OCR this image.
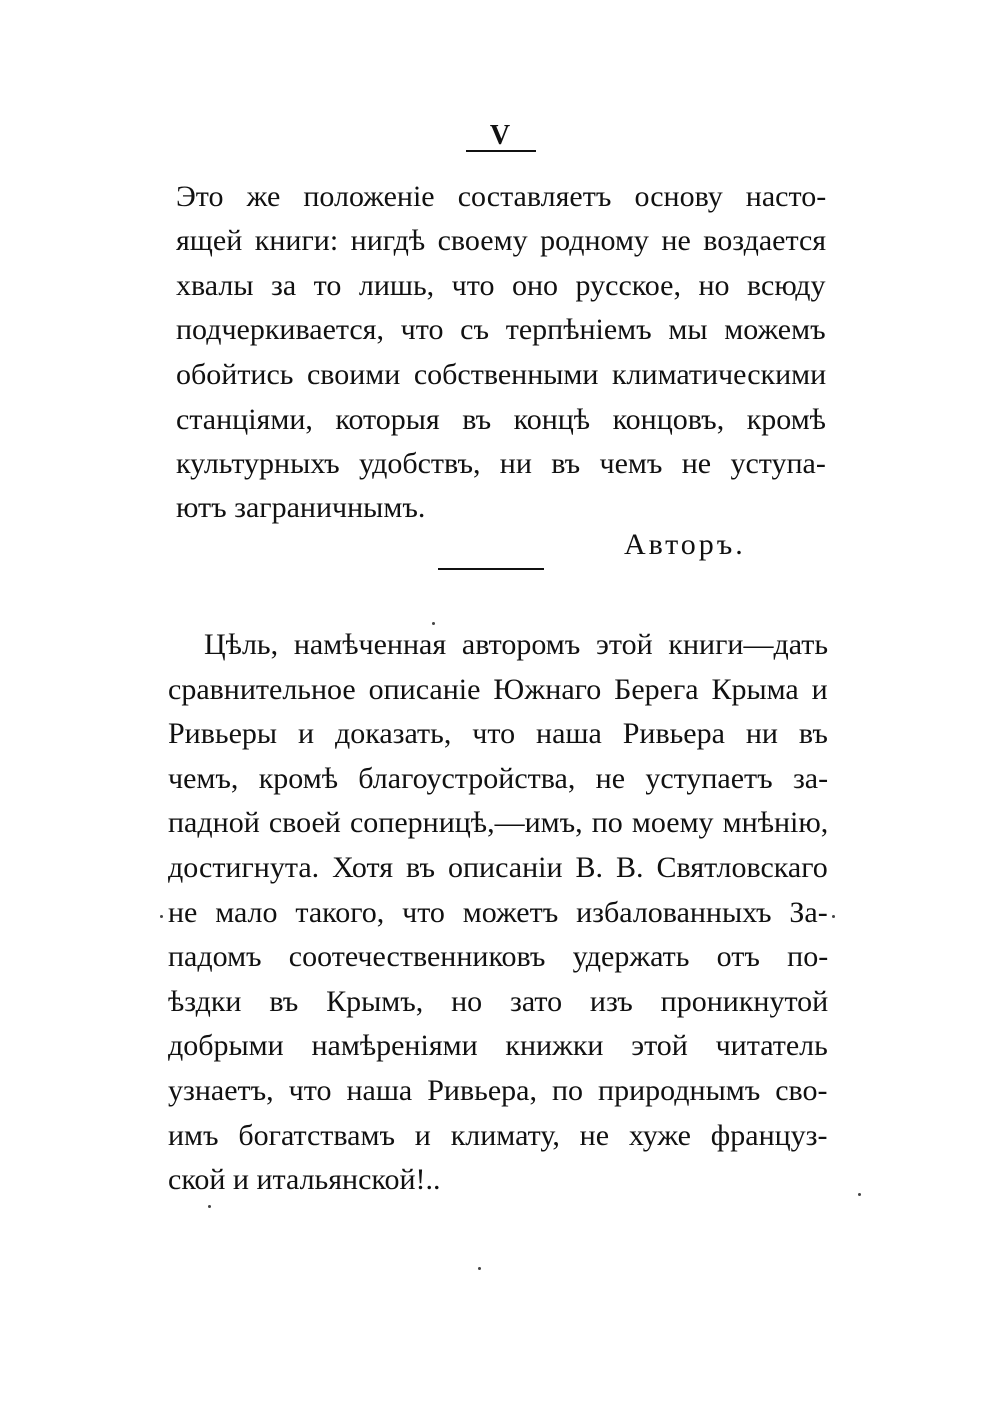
V
Это же положеніе составляетъ основу насто-
ящей книги: нигдѣ своему родному не воздается
хвалы за то лишь, что оно русское, но всюду
подчеркивается, что съ терпѣніемъ мы можемъ
обойтись своими собственными климатическими
станціями, которыя въ концѣ концовъ, кромѣ
культурныхъ удобствъ, ни въ чемъ не уступа-
ютъ заграничнымъ.
Авторъ.
Цѣль, намѣченная авторомъ этой книги—дать
сравнительное описаніе Южнаго Берега Крыма и
Ривьеры и доказать, что наша Ривьера ни въ
чемъ, кромѣ благоустройства, не уступаетъ за-
падной своей соперницѣ,—имъ, по моему мнѣнію,
достигнута. Хотя въ описаніи В. В. Святловскаго
не мало такого, что можетъ избалованныхъ За-
падомъ соотечественниковъ удержать отъ по-
ѣздки въ Крымъ, но зато изъ проникнутой
добрыми намѣреніями книжки этой читатель
узнаетъ, что наша Ривьера, по природнымъ сво-
имъ богатствамъ и климату, не хуже француз-
ской и итальянской!..
